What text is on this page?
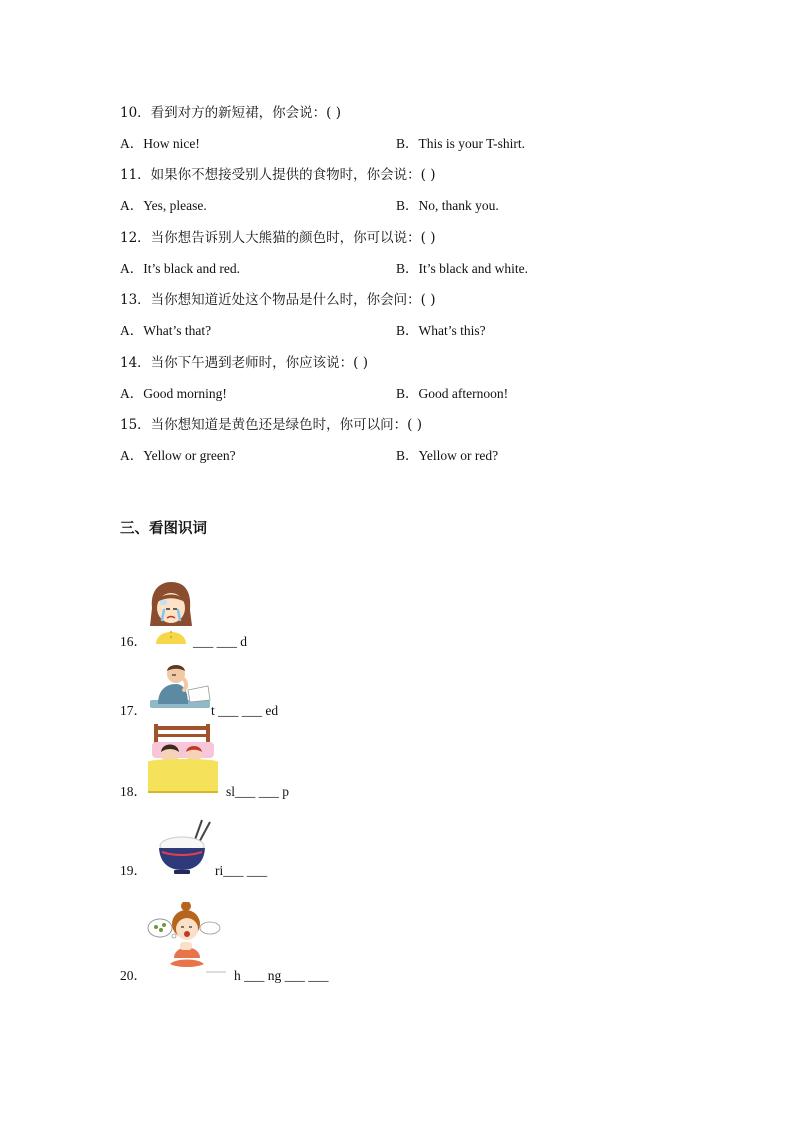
10．看到对方的新短裙，你会说：( )
A．How nice!	B．This is your T-shirt.
11．如果你不想接受别人提供的食物时，你会说：( )
A．Yes, please.	B．No, thank you.
12．当你想告诉别人大熊猫的颜色时，你可以说：( )
A．It’s black and red.	B．It’s black and white.
13．当你想知道近处这个物品是什么时，你会问：( )
A．What’s that?	B．What’s this?
14．当你下午遇到老师时，你应该说：( )
A．Good morning!	B．Good afternoon!
15．当你想知道是黄色还是绿色时，你可以问：( )
A．Yellow or green?	B．Yellow or red?
三、看图识词
16．	___ ___ d
17．	t ___ ___ ed
18．	sl___ ___ p
19．	ri___ ___
20．	h ___ ng ___ ___
